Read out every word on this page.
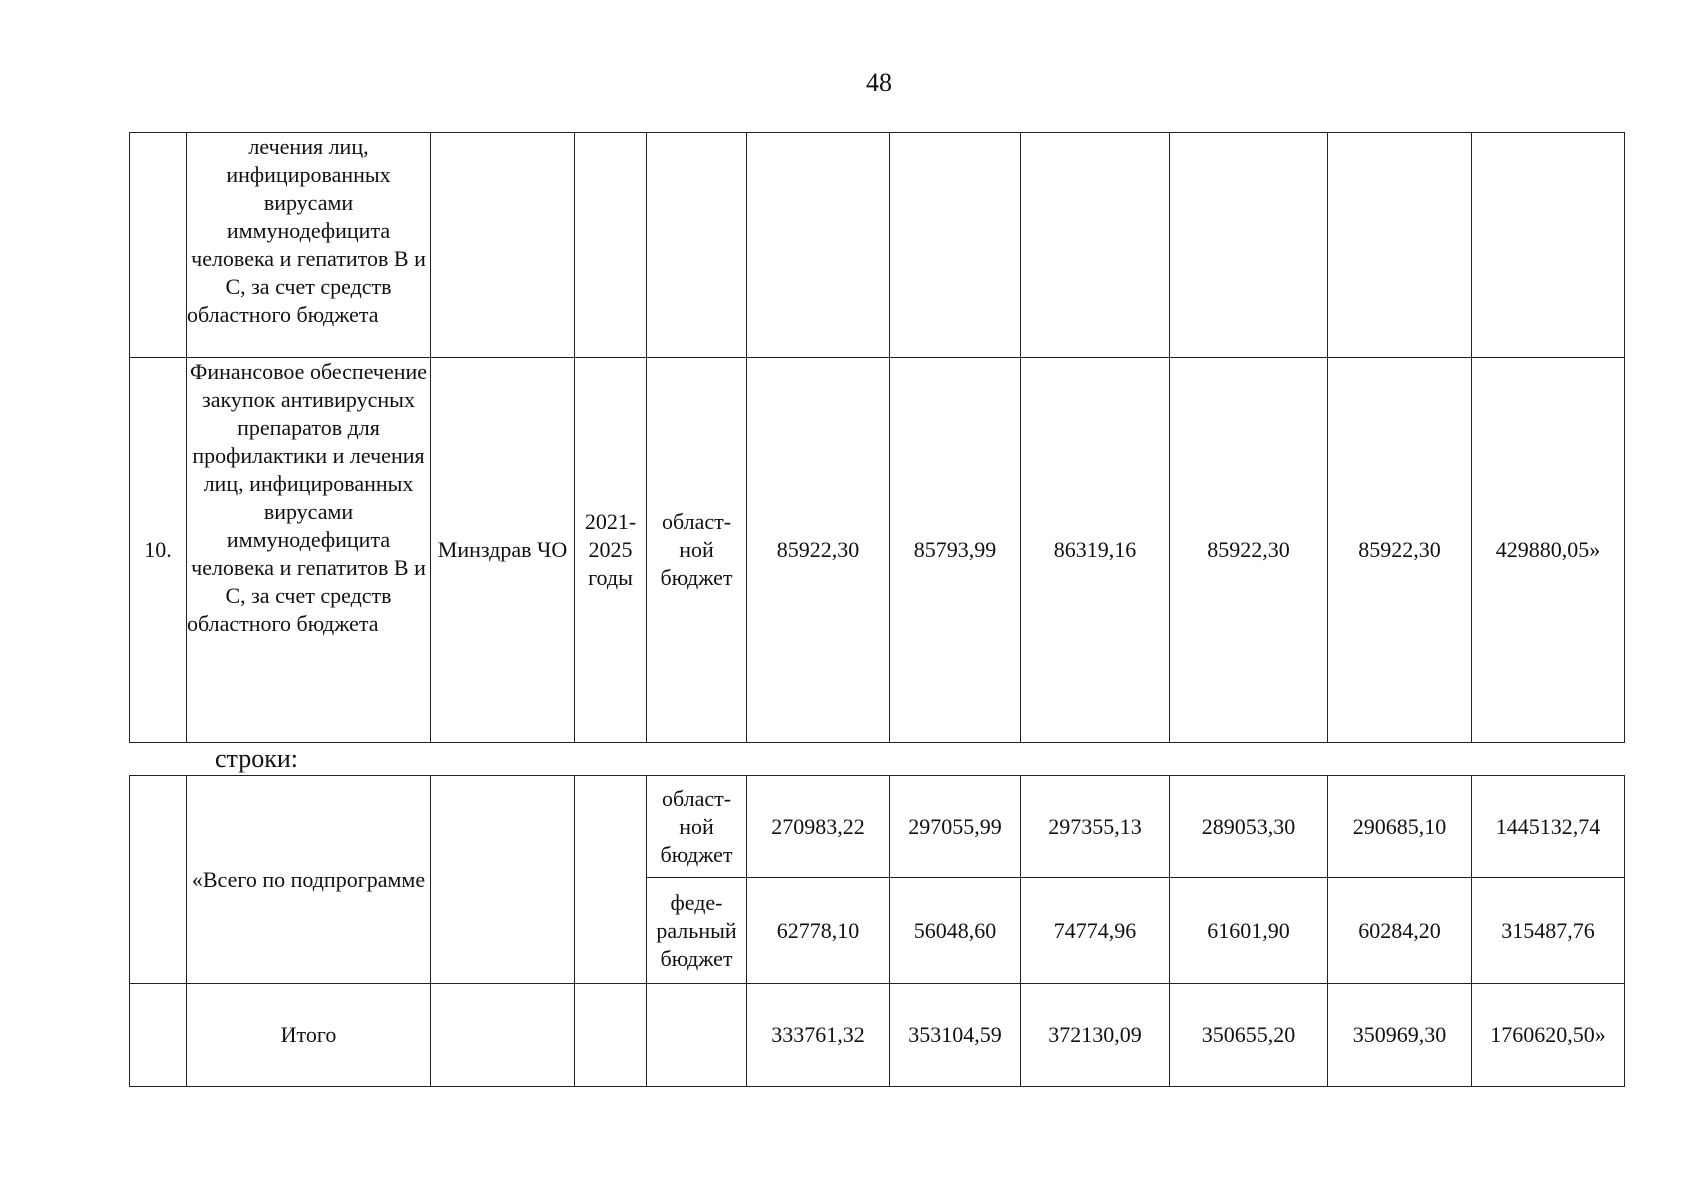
48
	лечения лиц, инфицированных вирусами иммунодефицита человека и гепатитов В и С, за счет средств областного бюджета									
10.	Финансовое обеспечение закупок антивирусных препаратов для профилактики и лечения лиц, инфицированных вирусами иммунодефицита человека и гепатитов В и С, за счет средств областного бюджета	Минздрав ЧО	2021-
2025
годы	област-
ной
бюджет	85922,30	85793,99	86319,16	85922,30	85922,30	429880,05»
строки:
	«Всего по подпрограмме			област-
ной
бюджет	270983,22	297055,99	297355,13	289053,30	290685,10	1445132,74
				феде-
ральный
бюджет	62778,10	56048,60	74774,96	61601,90	60284,20	315487,76
	Итого				333761,32	353104,59	372130,09	350655,20	350969,30	1760620,50»
